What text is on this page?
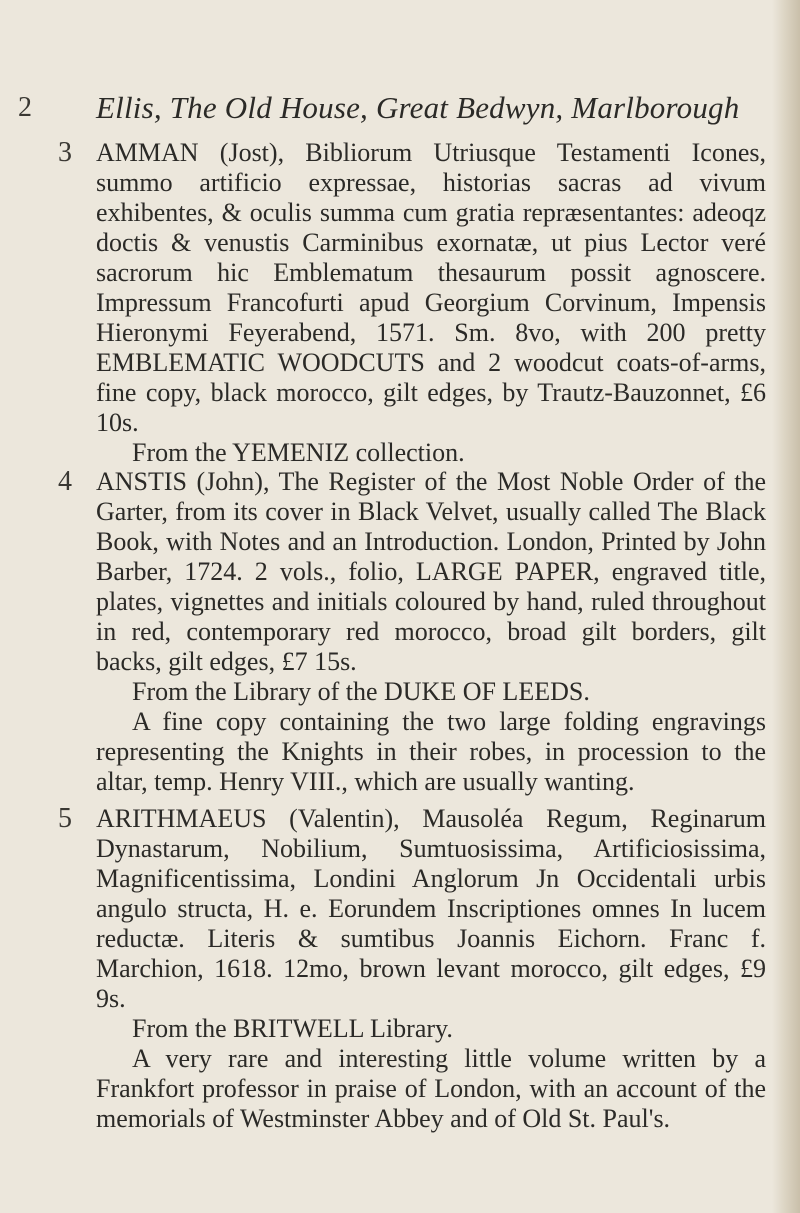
2 Ellis, The Old House, Great Bedwyn, Marlborough
3 AMMAN (Jost), Bibliorum Utriusque Testamenti Icones, summo artificio expressae, historias sacras ad vivum exhibentes, & oculis summa cum gratia repræsentantes: adeoqz doctis & venustis Carminibus exornatæ, ut pius Lector veré sacrorum hic Emblematum thesaurum possit agnoscere. Impressum Francofurti apud Georgium Corvinum, Impensis Hieronymi Feyerabend, 1571. Sm. 8vo, with 200 pretty EMBLEMATIC WOODCUTS and 2 woodcut coats-of-arms, fine copy, black morocco, gilt edges, by Trautz-Bauzonnet, £6 10s.

From the YEMENIZ collection.

4 ANSTIS (John), The Register of the Most Noble Order of the Garter, from its cover in Black Velvet, usually called The Black Book, with Notes and an Introduction. London, Printed by John Barber, 1724. 2 vols., folio, LARGE PAPER, engraved title, plates, vignettes and initials coloured by hand, ruled throughout in red, contemporary red morocco, broad gilt borders, gilt backs, gilt edges, £7 15s.

From the Library of the DUKE OF LEEDS.

A fine copy containing the two large folding engravings representing the Knights in their robes, in procession to the altar, temp. Henry VIII., which are usually wanting.

5 ARITHMAEUS (Valentin), Mausoléa Regum, Reginarum Dynastarum, Nobilium, Sumtuosissima, Artificiosissima, Magnificentissima, Londini Anglorum Jn Occidentali urbis angulo structa, H. e. Eorundem Inscriptiones omnes In lucem reductæ. Literis & sumtibus Joannis Eichorn. Franc f. Marchion, 1618. 12mo, brown levant morocco, gilt edges, £9 9s.

From the BRITWELL Library.

A very rare and interesting little volume written by a Frankfort professor in praise of London, with an account of the memorials of Westminster Abbey and of Old St. Paul's.
